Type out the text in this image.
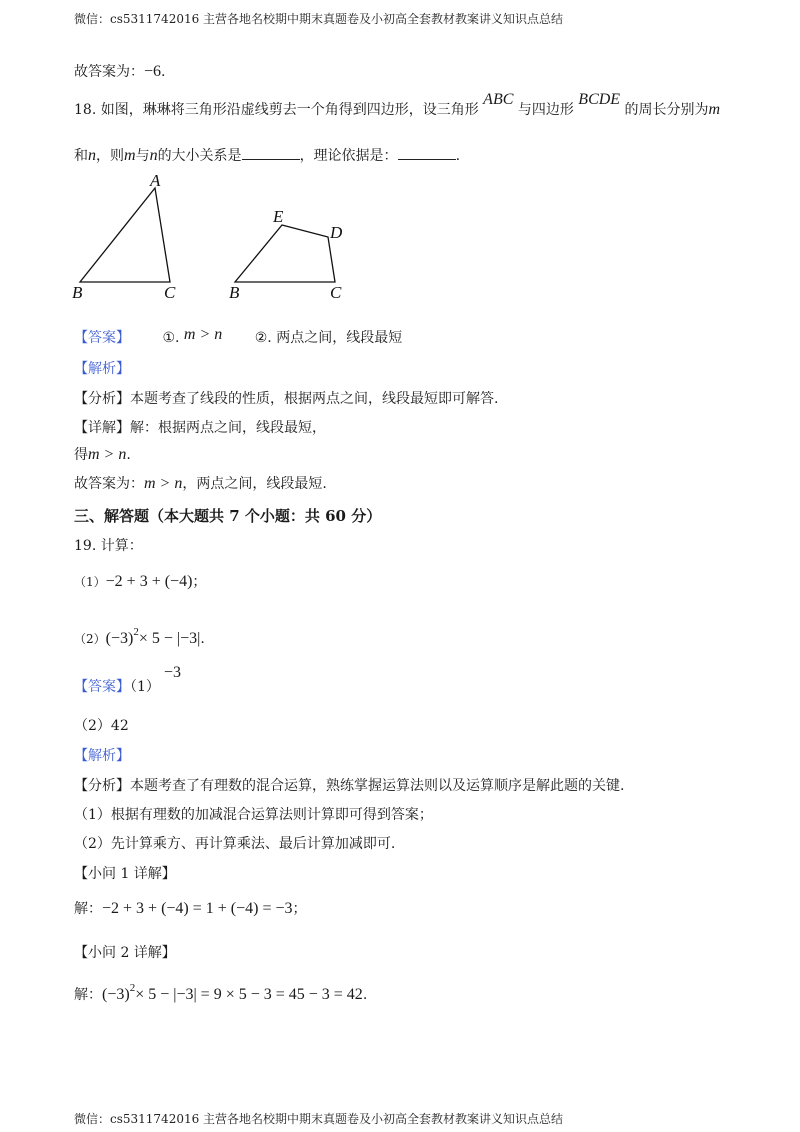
微信：cs5311742016 主营各地名校期中期末真题卷及小初高全套教材教案讲义知识点总结
故答案为：−6.
18. 如图，琳琳将三角形沿虚线剪去一个角得到四边形，设三角形 ABC 与四边形 BCDE 的周长分别为m
和n，则m与n的大小关系是	，理论依据是：	.
A
B	C
E
D
B	C
【答案】 ①. m > n ②. 两点之间，线段最短
【解析】
【分析】本题考查了线段的性质，根据两点之间，线段最短即可解答.
【详解】解：根据两点之间，线段最短，
得m > n.
故答案为：m > n，两点之间，线段最短.
三、解答题（本大题共 7 个小题：共 60 分）
19. 计算：
（1）−2 + 3 + (−4)；
$(2)(-3)^2\times 5 - |-3|$.
【答案】（1）−3
（2）42
【解析】
【分析】本题考查了有理数的混合运算，熟练掌握运算法则以及运算顺序是解此题的关键.
（1）根据有理数的加减混合运算法则计算即可得到答案；
（2）先计算乘方、再计算乘法、最后计算加减即可.
【小问 1 详解】
解：−2 + 3 + (−4) = 1 + (−4) = −3；
【小问 2 详解】
解：$(-3)^2\times 5 - |-3| = 9 \times 5 - 3 = 45 - 3 = 42$.
微信：cs5311742016 主营各地名校期中期末真题卷及小初高全套教材教案讲义知识点总结
